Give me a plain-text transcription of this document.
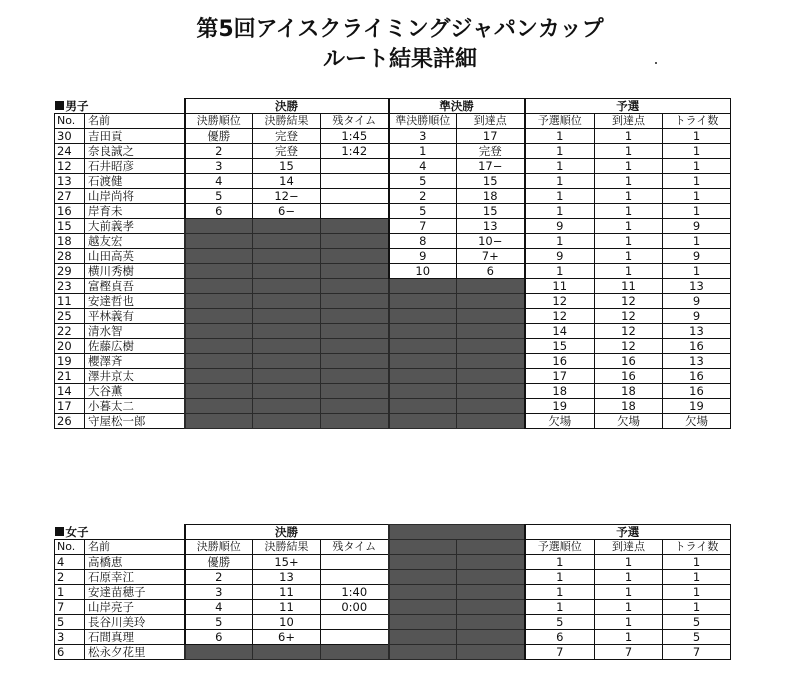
第5回アイスクライミングジャパンカップ
ルート結果詳細
男子		決勝			準決勝		予選		
No.	名前	決勝順位	決勝結果	残タイム	準決勝順位	到達点	予選順位	到達点	トライ数
30	吉田貢	優勝	完登	1:45	3	17	1	1	1
24	奈良誠之	2	完登	1:42	1	完登	1	1	1
12	石井昭彦	3	15		4	17−	1	1	1
13	石渡健	4	14		5	15	1	1	1
27	山岸尚将	5	12−		2	18	1	1	1
16	岸育未	6	6−		5	15	1	1	1
15	大前義孝				7	13	9	1	9
18	越友宏				8	10−	1	1	1
28	山田高英				9	7+	9	1	9
29	横川秀樹				10	6	1	1	1
23	富樫貞吾						11	11	13
11	安達哲也						12	12	9
25	平林義有						12	12	9
22	清水智						14	12	13
20	佐藤広樹						15	12	16
19	櫻澤斉						16	16	13
21	澤井京太						17	16	16
14	大谷薫						18	18	16
17	小暮太二						19	18	19
26	守屋松一郎						欠場	欠場	欠場
女子		決勝					予選		
No.	名前	決勝順位	決勝結果	残タイム			予選順位	到達点	トライ数
4	高橋恵	優勝	15+				1	1	1
2	石原幸江	2	13				1	1	1
1	安達苗穂子	3	11	1:40			1	1	1
7	山岸亮子	4	11	0:00			1	1	1
5	長谷川美玲	5	10				5	1	5
3	石間真理	6	6+				6	1	5
6	松永夕花里						7	7	7
